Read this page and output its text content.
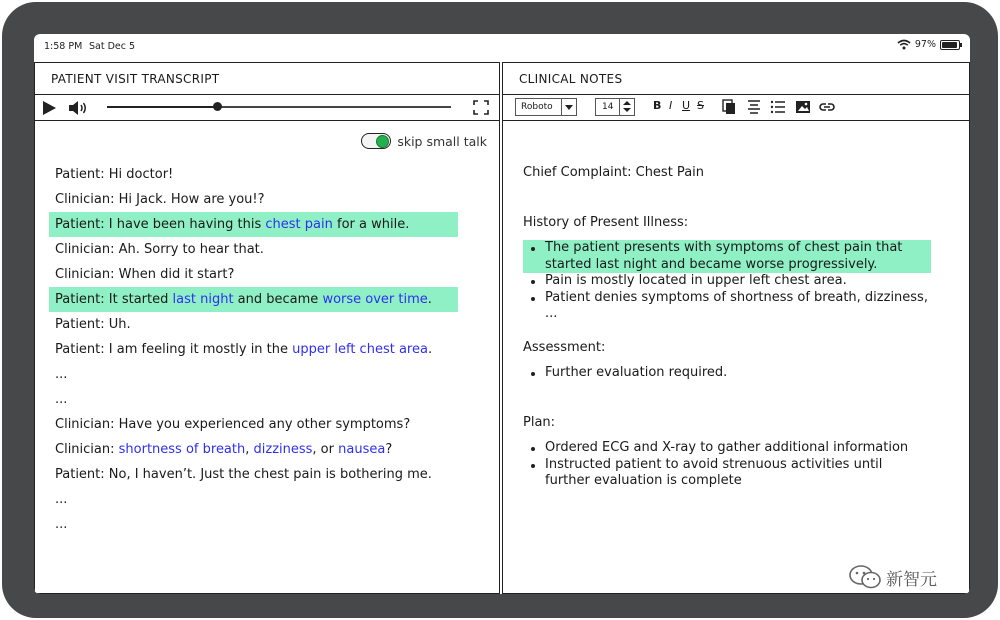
1:58 PM Sat Dec 5	97%
PATIENT VISIT TRANSCRIPT
skip small talk
Patient: Hi doctor!
Clinician: Hi Jack. How are you!?
Patient: I have been having this chest pain for a while.
Clinician: Ah. Sorry to hear that.
Clinician: When did it start?
Patient: It started last night and became worse over time.
Patient: Uh.
Patient: I am feeling it mostly in the upper left chest area.
...
...
Clinician: Have you experienced any other symptoms?
Clinician: shortness of breath, dizziness, or nausea?
Patient: No, I haven’t. Just the chest pain is bothering me.
...
...
CLINICAL NOTES
Roboto	14	B I U S
Chief Complaint: Chest Pain
History of Present Illness:
The patient presents with symptoms of chest pain that started last night and became worse progressively.
Pain is mostly located in upper left chest area.
Patient denies symptoms of shortness of breath, dizziness, ...
Assessment:
Further evaluation required.
Plan:
Ordered ECG and X-ray to gather additional information
Instructed patient to avoid strenuous activities until further evaluation is complete
新智元
